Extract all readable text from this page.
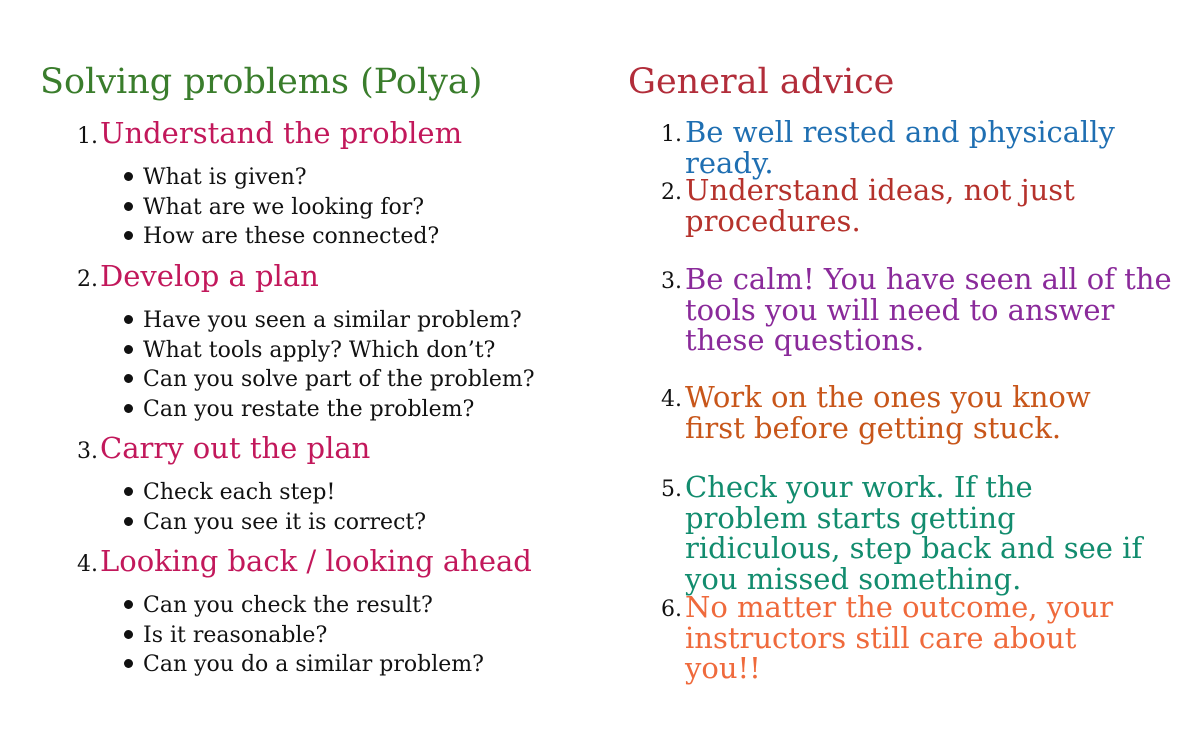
Solving problems (Polya)
1. Understand the problem
What is given?
What are we looking for?
How are these connected?
2. Develop a plan
Have you seen a similar problem?
What tools apply? Which don’t?
Can you solve part of the problem?
Can you restate the problem?
3. Carry out the plan
Check each step!
Can you see it is correct?
4. Looking back / looking ahead
Can you check the result?
Is it reasonable?
Can you do a similar problem?
General advice
1. Be well rested and physically ready.
2. Understand ideas, not just procedures.
3. Be calm! You have seen all of the tools you will need to answer these questions.
4. Work on the ones you know first before getting stuck.
5. Check your work. If the problem starts getting ridiculous, step back and see if you missed something.
6. No matter the outcome, your instructors still care about you!!
